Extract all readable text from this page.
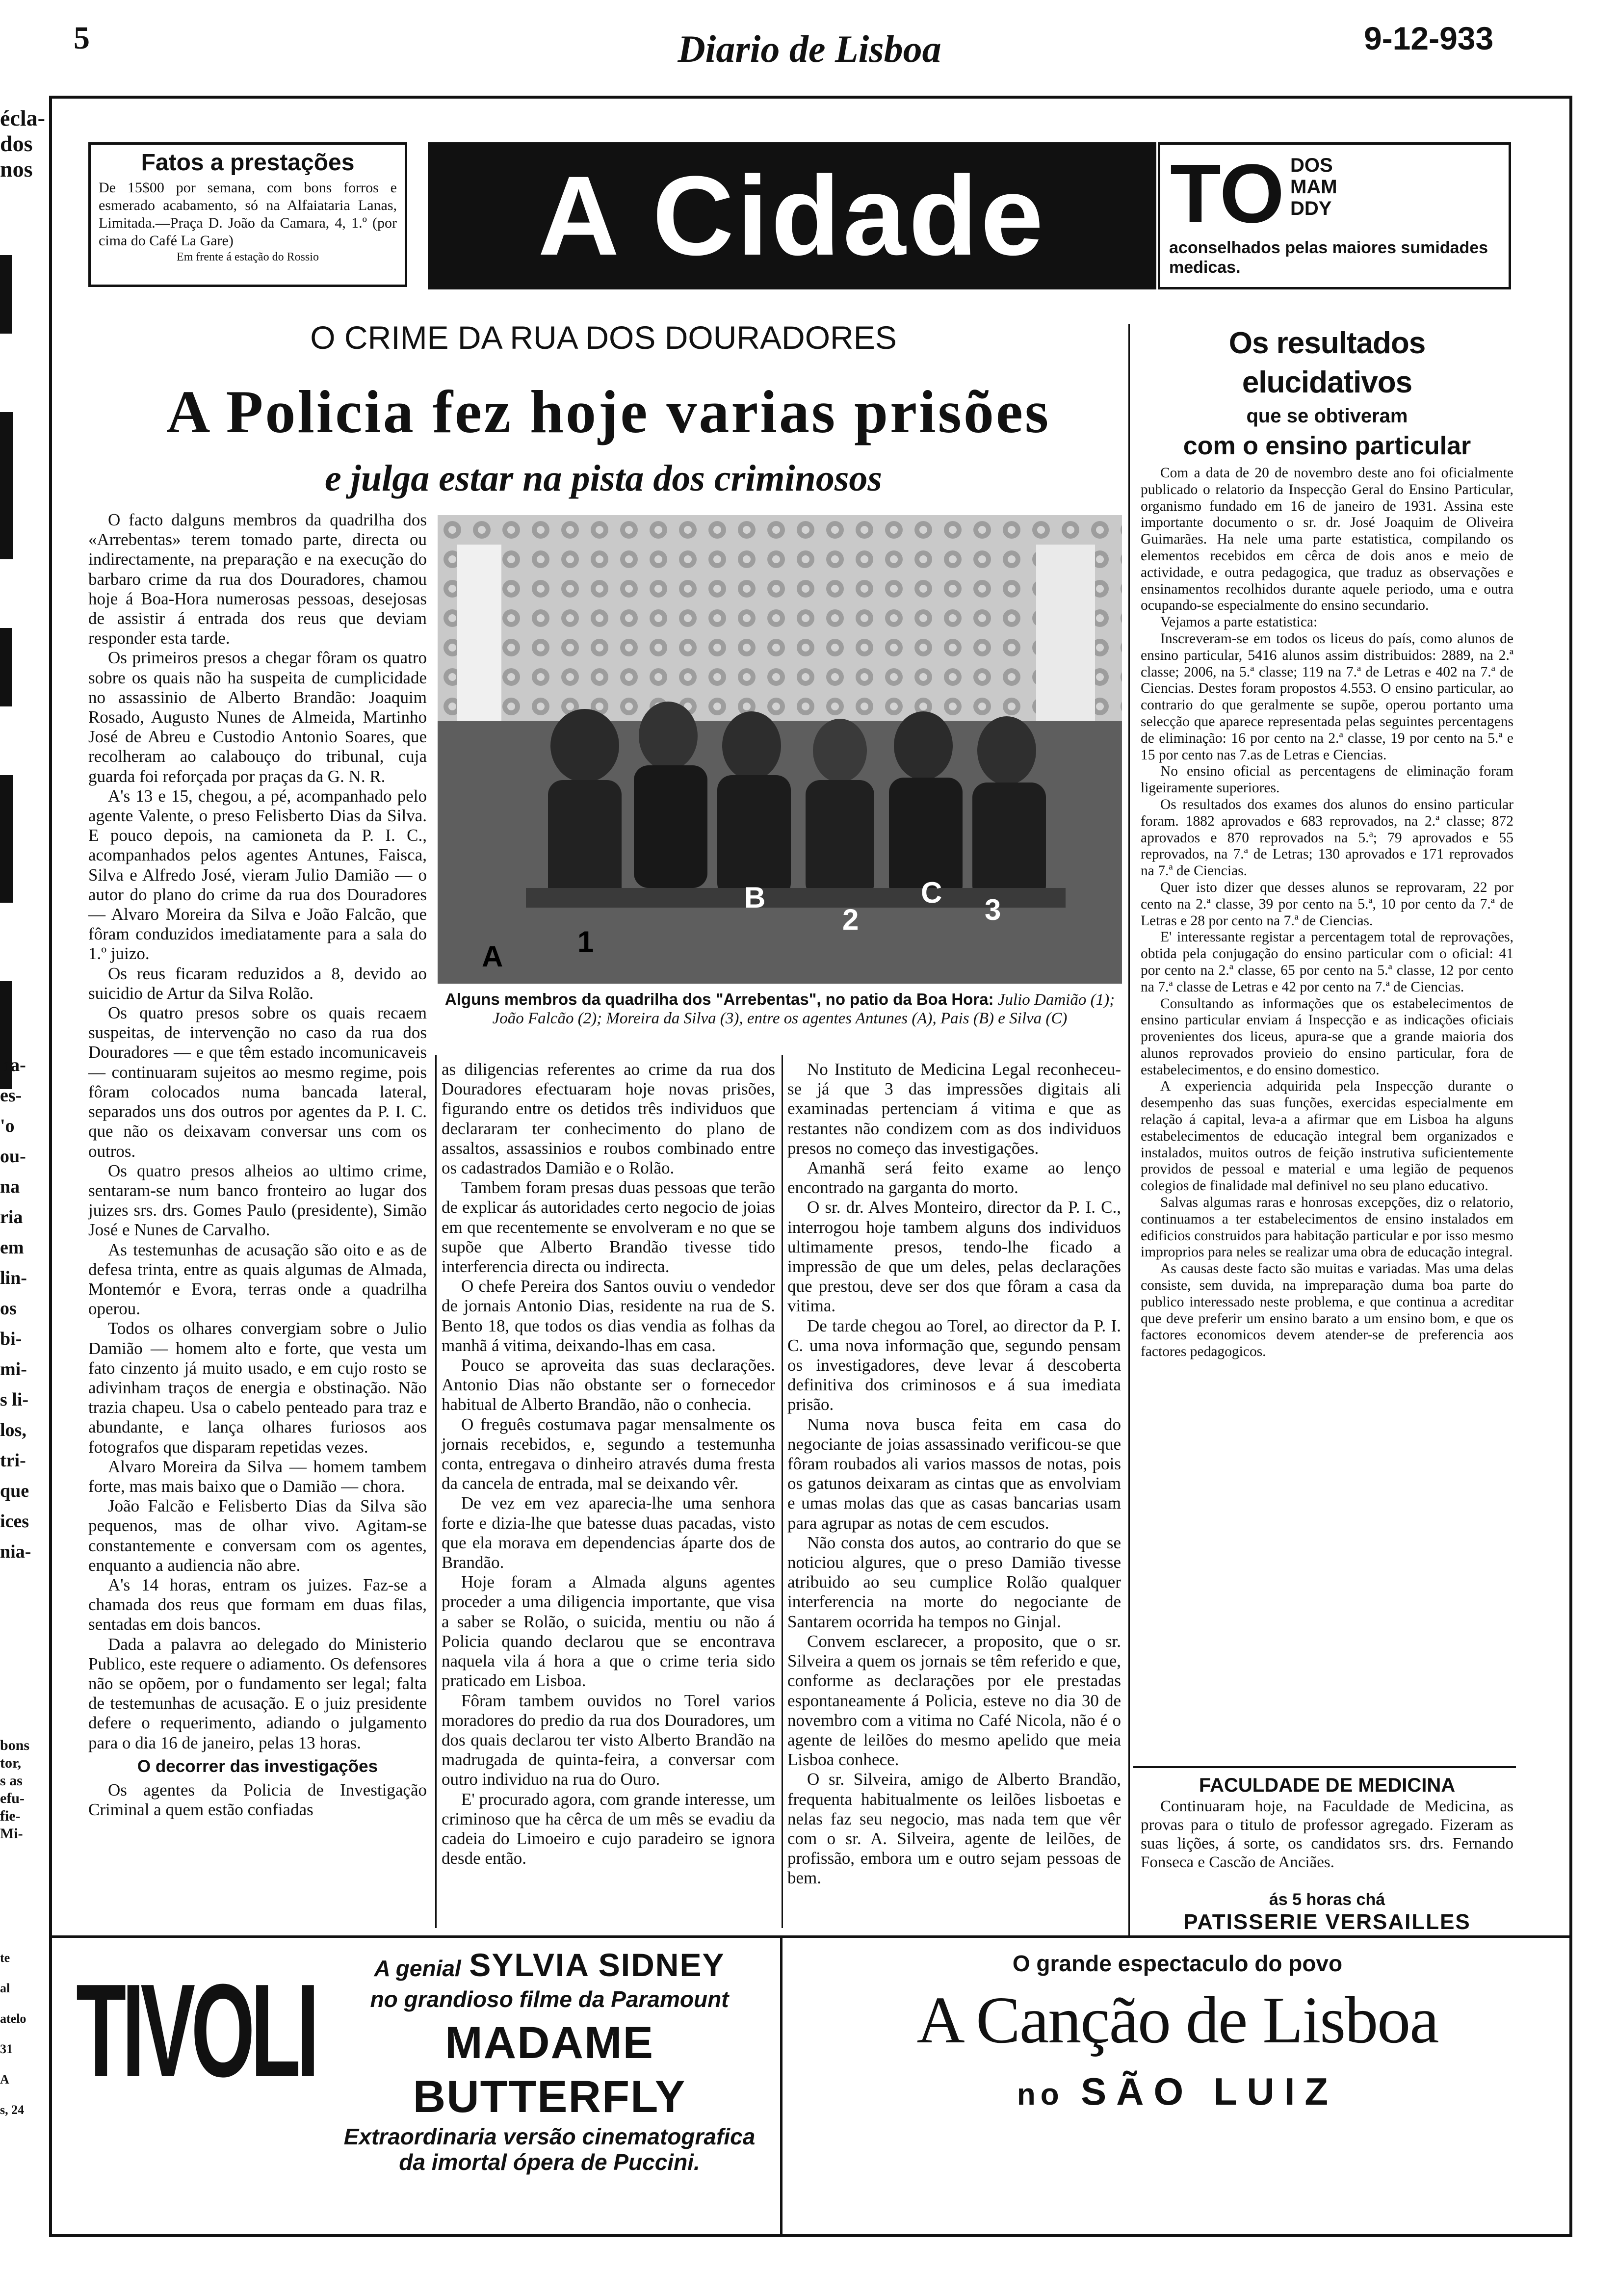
5	Diario de Lisboa	9-12-933
écla-
dos
nos
na-
es-
'o
ou-
na
ria
em
lin-
os
bi-
mi-
s li-
los,
tri-
que
ices
nia-
bons
tor,
s as
efu-
fie-
Mi-
te
al
atelo
31
A
s, 24
Fatos a prestações
De 15$00 por semana, com bons forros e esmerado acabamento, só na Alfaiataria Lanas, Limitada.—Praça D. João da Camara, 4, 1.º (por cima do Café La Gare)
Em frente á estação do Rossio	A Cidade	TO DOS
MAM
DDY
aconselhados pelas maiores sumidades medicas.
O CRIME DA RUA DOS DOURADORES
A Policia fez hoje varias prisões
e julga estar na pista dos criminosos

O facto dalguns membros da quadrilha dos «Arrebentas» terem tomado parte, directa ou indirectamente, na preparação e na execução do barbaro crime da rua dos Douradores, chamou hoje á Boa-Hora numerosas pessoas, desejosas de assistir á entrada dos reus que deviam responder esta tarde.

Os primeiros presos a chegar fôram os quatro sobre os quais não ha suspeita de cumplicidade no assassinio de Alberto Brandão: Joaquim Rosado, Augusto Nunes de Almeida, Martinho José de Abreu e Custodio Antonio Soares, que recolheram ao calabouço do tribunal, cuja guarda foi reforçada por praças da G. N. R.

A's 13 e 15, chegou, a pé, acompanhado pelo agente Valente, o preso Felisberto Dias da Silva. E pouco depois, na camioneta da P. I. C., acompanhados pelos agentes Antunes, Faisca, Silva e Alfredo José, vieram Julio Damião — o autor do plano do crime da rua dos Douradores — Alvaro Moreira da Silva e João Falcão, que fôram conduzidos imediatamente para a sala do 1.º juizo.

Os reus ficaram reduzidos a 8, devido ao suicidio de Artur da Silva Rolão.

Os quatro presos sobre os quais recaem suspeitas, de intervenção no caso da rua dos Douradores — e que têm estado incomunicaveis — continuaram sujeitos ao mesmo regime, pois fôram colocados numa bancada lateral, separados uns dos outros por agentes da P. I. C. que não os deixavam conversar uns com os outros.

Os quatro presos alheios ao ultimo crime, sentaram-se num banco fronteiro ao lugar dos juizes srs. drs. Gomes Paulo (presidente), Simão José e Nunes de Carvalho.

As testemunhas de acusação são oito e as de defesa trinta, entre as quais algumas de Almada, Montemór e Evora, terras onde a quadrilha operou.

Todos os olhares convergiam sobre o Julio Damião — homem alto e forte, que vesta um fato cinzento já muito usado, e em cujo rosto se adivinham traços de energia e obstinação. Não trazia chapeu. Usa o cabelo penteado para traz e abundante, e lança olhares furiosos aos fotografos que disparam repetidas vezes.

Alvaro Moreira da Silva — homem tambem forte, mas mais baixo que o Damião — chora.

João Falcão e Felisberto Dias da Silva são pequenos, mas de olhar vivo. Agitam-se constantemente e conversam com os agentes, enquanto a audiencia não abre.

A's 14 horas, entram os juizes. Faz-se a chamada dos reus que formam em duas filas, sentadas em dois bancos.

Dada a palavra ao delegado do Ministerio Publico, este requere o adiamento. Os defensores não se opõem, por o fundamento ser legal; falta de testemunhas de acusação. E o juiz presidente defere o requerimento, adiando o julgamento para o dia 16 de janeiro, pelas 13 horas.

O decorrer das investigações

Os agentes da Policia de Investigação Criminal a quem estão confiadas

A	1
B
2
C
3
Alguns membros da quadrilha dos "Arrebentas", no patio da Boa Hora: Julio Damião (1); João Falcão (2); Moreira da Silva (3), entre os agentes Antunes (A), Pais (B) e Silva (C)

as diligencias referentes ao crime da rua dos Douradores efectuaram hoje novas prisões, figurando entre os detidos três individuos que declararam ter conhecimento do plano de assaltos, assassinios e roubos combinado entre os cadastrados Damião e o Rolão.

Tambem foram presas duas pessoas que terão de explicar ás autoridades certo negocio de joias em que recentemente se envolveram e no que se supõe que Alberto Brandão tivesse tido interferencia directa ou indirecta.

O chefe Pereira dos Santos ouviu o vendedor de jornais Antonio Dias, residente na rua de S. Bento 18, que todos os dias vendia as folhas da manhã á vitima, deixando-lhas em casa.

Pouco se aproveita das suas declarações. Antonio Dias não obstante ser o fornecedor habitual de Alberto Brandão, não o conhecia.

O freguês costumava pagar mensalmente os jornais recebidos, e, segundo a testemunha conta, entregava o dinheiro através duma fresta da cancela de entrada, mal se deixando vêr.

De vez em vez aparecia-lhe uma senhora forte e dizia-lhe que batesse duas pacadas, visto que ela morava em dependencias áparte dos de Brandão.

Hoje foram a Almada alguns agentes proceder a uma diligencia importante, que visa a saber se Rolão, o suicida, mentiu ou não á Policia quando declarou que se encontrava naquela vila á hora a que o crime teria sido praticado em Lisboa.

Fôram tambem ouvidos no Torel varios moradores do predio da rua dos Douradores, um dos quais declarou ter visto Alberto Brandão na madrugada de quinta-feira, a conversar com outro individuo na rua do Ouro.

E' procurado agora, com grande interesse, um criminoso que ha cêrca de um mês se evadiu da cadeia do Limoeiro e cujo paradeiro se ignora desde então.

No Instituto de Medicina Legal reconheceu-se já que 3 das impressões digitais ali examinadas pertenciam á vitima e que as restantes não condizem com as dos individuos presos no começo das investigações.

Amanhã será feito exame ao lenço encontrado na garganta do morto.

O sr. dr. Alves Monteiro, director da P. I. C., interrogou hoje tambem alguns dos individuos ultimamente presos, tendo-lhe ficado a impressão de que um deles, pelas declarações que prestou, deve ser dos que fôram a casa da vitima.

De tarde chegou ao Torel, ao director da P. I. C. uma nova informação que, segundo pensam os investigadores, deve levar á descoberta definitiva dos criminosos e á sua imediata prisão.

Numa nova busca feita em casa do negociante de joias assassinado verificou-se que fôram roubados ali varios massos de notas, pois os gatunos deixaram as cintas que as envolviam e umas molas das que as casas bancarias usam para agrupar as notas de cem escudos.

Não consta dos autos, ao contrario do que se noticiou algures, que o preso Damião tivesse atribuido ao seu cumplice Rolão qualquer interferencia na morte do negociante de Santarem ocorrida ha tempos no Ginjal.

Convem esclarecer, a proposito, que o sr. Silveira a quem os jornais se têm referido e que, conforme as declarações por ele prestadas espontaneamente á Policia, esteve no dia 30 de novembro com a vitima no Café Nicola, não é o agente de leilões do mesmo apelido que meia Lisboa conhece.

O sr. Silveira, amigo de Alberto Brandão, frequenta habitualmente os leilões lisboetas e nelas faz seu negocio, mas nada tem que vêr com o sr. A. Silveira, agente de leilões, de profissão, embora um e outro sejam pessoas de bem.

Os resultados elucidativos
que se obtiveram
com o ensino particular

Com a data de 20 de novembro deste ano foi oficialmente publicado o relatorio da Inspecção Geral do Ensino Particular, organismo fundado em 16 de janeiro de 1931. Assina este importante documento o sr. dr. José Joaquim de Oliveira Guimarães. Ha nele uma parte estatistica, compilando os elementos recebidos em cêrca de dois anos e meio de actividade, e outra pedagogica, que traduz as observações e ensinamentos recolhidos durante aquele periodo, uma e outra ocupando-se especialmente do ensino secundario.

Vejamos a parte estatistica:

Inscreveram-se em todos os liceus do país, como alunos de ensino particular, 5416 alunos assim distribuidos: 2889, na 2.ª classe; 2006, na 5.ª classe; 119 na 7.ª de Letras e 402 na 7.ª de Ciencias. Destes foram propostos 4.553. O ensino particular, ao contrario do que geralmente se supõe, operou portanto uma selecção que aparece representada pelas seguintes percentagens de eliminação: 16 por cento na 2.ª classe, 19 por cento na 5.ª e 15 por cento nas 7.as de Letras e Ciencias.

No ensino oficial as percentagens de eliminação foram ligeiramente superiores.

Os resultados dos exames dos alunos do ensino particular foram. 1882 aprovados e 683 reprovados, na 2.ª classe; 872 aprovados e 870 reprovados na 5.ª; 79 aprovados e 55 reprovados, na 7.ª de Letras; 130 aprovados e 171 reprovados na 7.ª de Ciencias.

Quer isto dizer que desses alunos se reprovaram, 22 por cento na 2.ª classe, 39 por cento na 5.ª, 10 por cento da 7.ª de Letras e 28 por cento na 7.ª de Ciencias.

E' interessante registar a percentagem total de reprovações, obtida pela conjugação do ensino particular com o oficial: 41 por cento na 2.ª classe, 65 por cento na 5.ª classe, 12 por cento na 7.ª classe de Letras e 42 por cento na 7.ª de Ciencias.

Consultando as informações que os estabelecimentos de ensino particular enviam á Inspecção e as indicações oficiais provenientes dos liceus, apura-se que a grande maioria dos alunos reprovados provieio do ensino particular, fora de estabelecimentos, e do ensino domestico.

A experiencia adquirida pela Inspecção durante o desempenho das suas funções, exercidas especialmente em relação á capital, leva-a a afirmar que em Lisboa ha alguns estabelecimentos de educação integral bem organizados e instalados, muitos outros de feição instrutiva suficientemente providos de pessoal e material e uma legião de pequenos colegios de finalidade mal definivel no seu plano educativo.

Salvas algumas raras e honrosas excepções, diz o relatorio, continuamos a ter estabelecimentos de ensino instalados em edificios construidos para habitação particular e por isso mesmo improprios para neles se realizar uma obra de educação integral.

As causas deste facto são muitas e variadas. Mas uma delas consiste, sem duvida, na impreparação duma boa parte do publico interessado neste problema, e que continua a acreditar que deve preferir um ensino barato a um ensino bom, e que os factores economicos devem atender-se de preferencia aos factores pedagogicos.

FACULDADE DE MEDICINA
Continuaram hoje, na Faculdade de Medicina, as provas para o titulo de professor agregado. Fizeram as suas lições, á sorte, os candidatos srs. drs. Fernando Fonseca e Cascão de Anciães.
ás 5 horas chá
PATISSERIE VERSAILLES
TIVOLI	A genial SYLVIA SIDNEY
no grandioso filme da Paramount
MADAME BUTTERFLY
Extraordinaria versão cinematografica da imortal ópera de Puccini.
O grande espectaculo do povo
A Canção de Lisboa
no SÃO LUIZ
